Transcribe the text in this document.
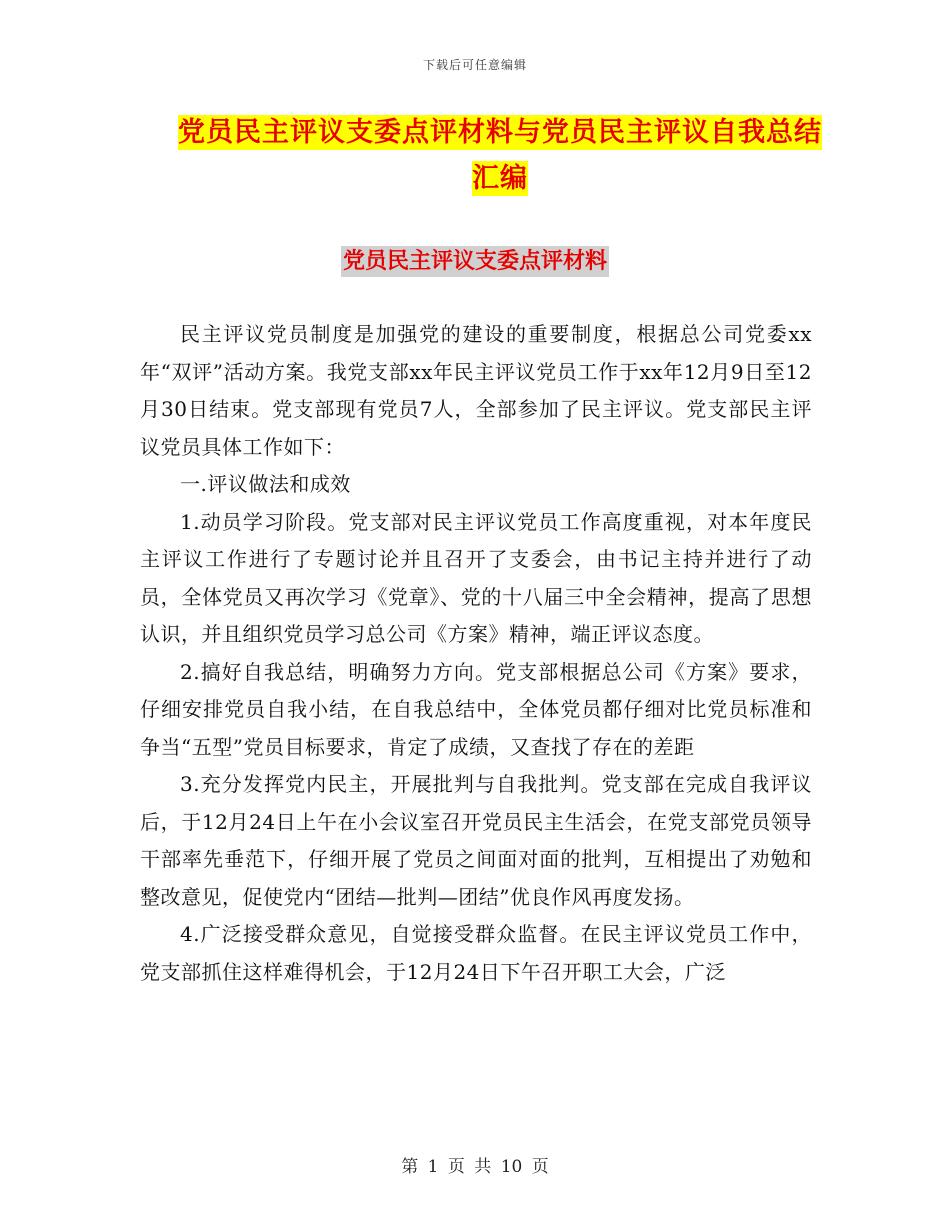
下载后可任意编辑
党员民主评议支委点评材料与党员民主评议自我总结
汇编
党员民主评议支委点评材料

民主评议党员制度是加强党的建设的重要制度，根据总公司党委xx年“双评”活动方案。我党支部xx年民主评议党员工作于xx年12月9日至12月30日结束。党支部现有党员7人，全部参加了民主评议。党支部民主评议党员具体工作如下：

一.评议做法和成效

1.动员学习阶段。党支部对民主评议党员工作高度重视，对本年度民主评议工作进行了专题讨论并且召开了支委会，由书记主持并进行了动员，全体党员又再次学习《党章》、党的十八届三中全会精神，提高了思想认识，并且组织党员学习总公司《方案》精神，端正评议态度。

2.搞好自我总结，明确努力方向。党支部根据总公司《方案》要求，仔细安排党员自我小结，在自我总结中，全体党员都仔细对比党员标准和争当“五型”党员目标要求，肯定了成绩，又查找了存在的差距

3.充分发挥党内民主，开展批判与自我批判。党支部在完成自我评议后，于12月24日上午在小会议室召开党员民主生活会，在党支部党员领导干部率先垂范下，仔细开展了党员之间面对面的批判，互相提出了劝勉和整改意见，促使党内“团结—批判—团结”优良作风再度发扬。

4.广泛接受群众意见，自觉接受群众监督。在民主评议党员工作中，党支部抓住这样难得机会，于12月24日下午召开职工大会，广泛

第 1 页 共 10 页
